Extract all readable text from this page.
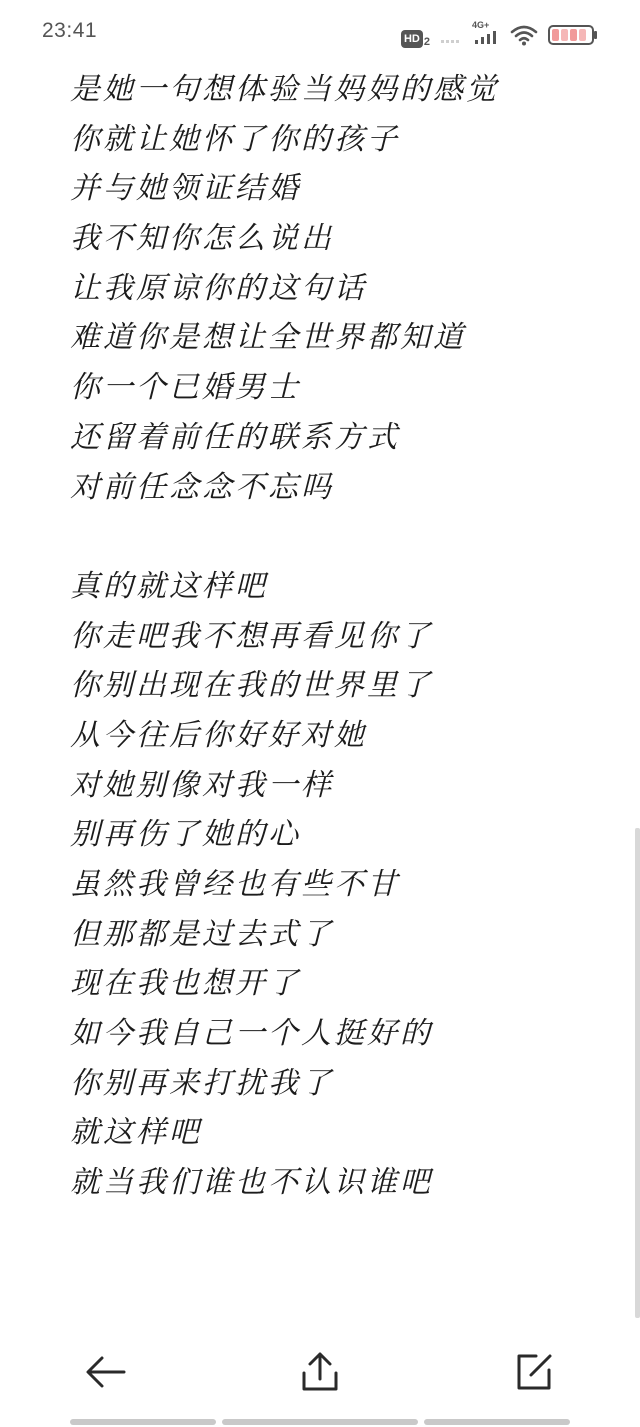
23:41	HD 2
4G+
是她一句想体验当妈妈的感觉
你就让她怀了你的孩子
并与她领证结婚
我不知你怎么说出
让我原谅你的这句话
难道你是想让全世界都知道
你一个已婚男士
还留着前任的联系方式
对前任念念不忘吗
真的就这样吧
你走吧我不想再看见你了
你别出现在我的世界里了
从今往后你好好对她
对她别像对我一样
别再伤了她的心
虽然我曾经也有些不甘
但那都是过去式了
现在我也想开了
如今我自己一个人挺好的
你别再来打扰我了
就这样吧
就当我们谁也不认识谁吧
